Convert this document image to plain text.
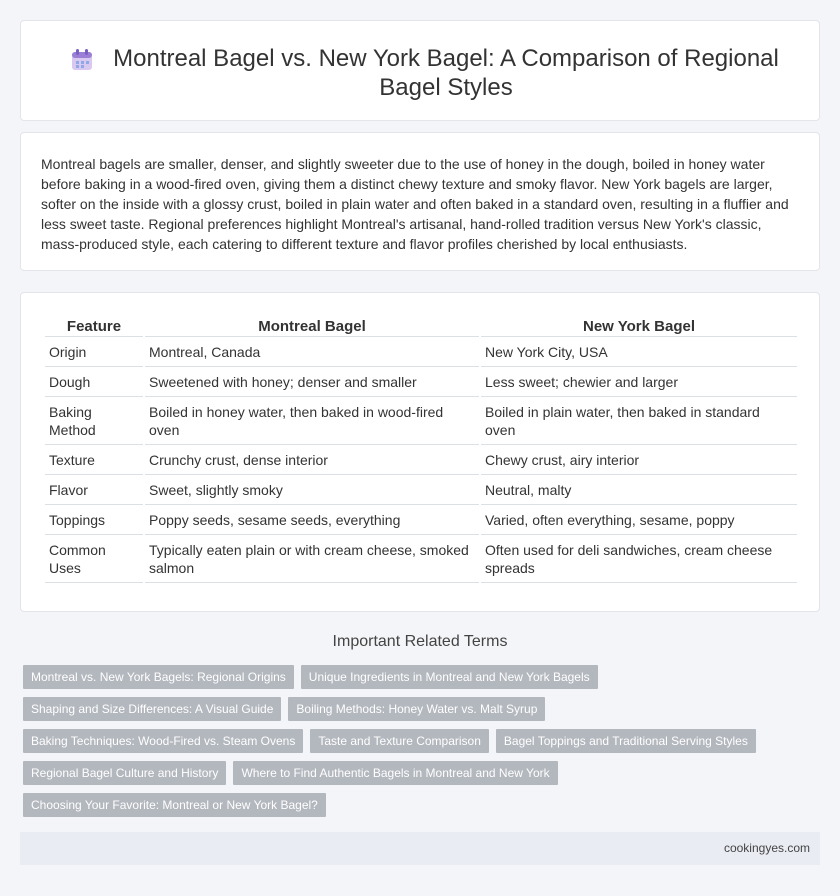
Montreal Bagel vs. New York Bagel: A Comparison of Regional Bagel Styles

Montreal bagels are smaller, denser, and slightly sweeter due to the use of honey in the dough, boiled in honey water before baking in a wood-fired oven, giving them a distinct chewy texture and smoky flavor. New York bagels are larger, softer on the inside with a glossy crust, boiled in plain water and often baked in a standard oven, resulting in a fluffier and less sweet taste. Regional preferences highlight Montreal's artisanal, hand-rolled tradition versus New York's classic, mass-produced style, each catering to different texture and flavor profiles cherished by local enthusiasts.

Feature	Montreal Bagel	New York Bagel
Origin	Montreal, Canada	New York City, USA
Dough	Sweetened with honey; denser and smaller	Less sweet; chewier and larger
Baking Method	Boiled in honey water, then baked in wood-fired oven	Boiled in plain water, then baked in standard oven
Texture	Crunchy crust, dense interior	Chewy crust, airy interior
Flavor	Sweet, slightly smoky	Neutral, malty
Toppings	Poppy seeds, sesame seeds, everything	Varied, often everything, sesame, poppy
Common Uses	Typically eaten plain or with cream cheese, smoked salmon	Often used for deli sandwiches, cream cheese spreads
Important Related Terms
Montreal vs. New York Bagels: Regional Origins	Unique Ingredients in Montreal and New York Bagels
Shaping and Size Differences: A Visual Guide	Boiling Methods: Honey Water vs. Malt Syrup
Baking Techniques: Wood-Fired vs. Steam Ovens	Taste and Texture Comparison	Bagel Toppings and Traditional Serving Styles
Regional Bagel Culture and History	Where to Find Authentic Bagels in Montreal and New York
Choosing Your Favorite: Montreal or New York Bagel?
cookingyes.com
